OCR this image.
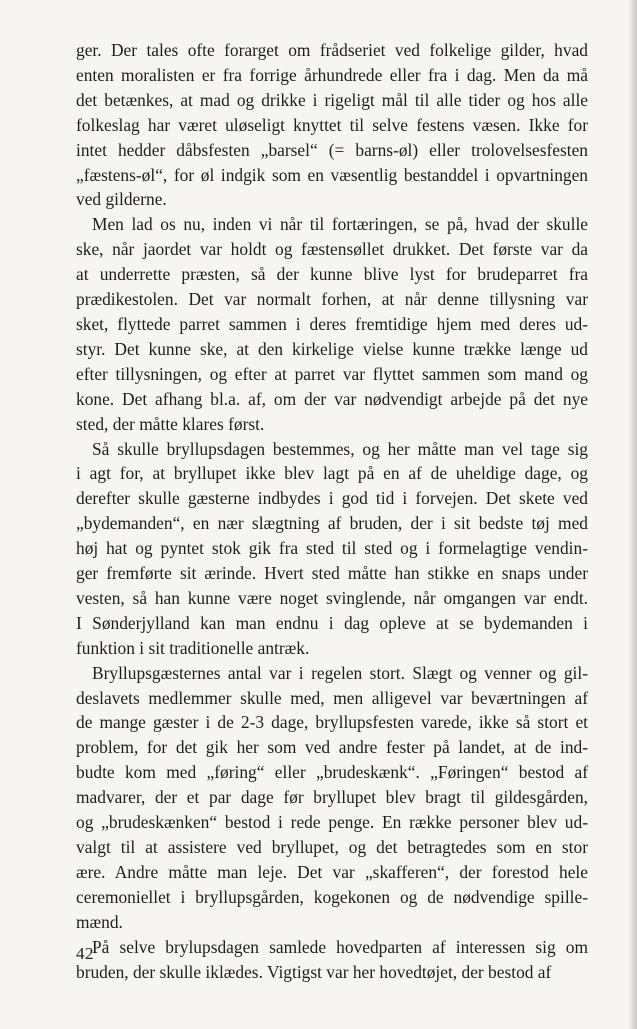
ger. Der tales ofte forarget om frådseriet ved folkelige gilder, hvad
enten moralisten er fra forrige århundrede eller fra i dag. Men da må
det betænkes, at mad og drikke i rigeligt mål til alle tider og hos alle
folkeslag har været uløseligt knyttet til selve festens væsen. Ikke for
intet hedder dåbsfesten „barsel“ (= barns-øl) eller trolovelsesfesten
„fæstens-øl“, for øl indgik som en væsentlig bestanddel i opvartningen
ved gilderne.
Men lad os nu, inden vi når til fortæringen, se på, hvad der skulle
ske, når jaordet var holdt og fæstensøllet drukket. Det første var da
at underrette præsten, så der kunne blive lyst for brudeparret fra
prædikestolen. Det var normalt forhen, at når denne tillysning var
sket, flyttede parret sammen i deres fremtidige hjem med deres ud-
styr. Det kunne ske, at den kirkelige vielse kunne trække længe ud
efter tillysningen, og efter at parret var flyttet sammen som mand og
kone. Det afhang bl.a. af, om der var nødvendigt arbejde på det nye
sted, der måtte klares først.
Så skulle bryllupsdagen bestemmes, og her måtte man vel tage sig
i agt for, at bryllupet ikke blev lagt på en af de uheldige dage, og
derefter skulle gæsterne indbydes i god tid i forvejen. Det skete ved
„bydemanden“, en nær slægtning af bruden, der i sit bedste tøj med
høj hat og pyntet stok gik fra sted til sted og i formelagtige vendin-
ger fremførte sit ærinde. Hvert sted måtte han stikke en snaps under
vesten, så han kunne være noget svinglende, når omgangen var endt.
I Sønderjylland kan man endnu i dag opleve at se bydemanden i
funktion i sit traditionelle antræk.
Bryllupsgæsternes antal var i regelen stort. Slægt og venner og gil-
deslavets medlemmer skulle med, men alligevel var beværtningen af
de mange gæster i de 2-3 dage, bryllupsfesten varede, ikke så stort et
problem, for det gik her som ved andre fester på landet, at de ind-
budte kom med „føring“ eller „brudeskænk“. „Føringen“ bestod af
madvarer, der et par dage før bryllupet blev bragt til gildesgården,
og „brudeskænken“ bestod i rede penge. En række personer blev ud-
valgt til at assistere ved bryllupet, og det betragtedes som en stor
ære. Andre måtte man leje. Det var „skafferen“, der forestod hele
ceremoniellet i bryllupsgården, kogekonen og de nødvendige spille-
mænd.
På selve brylupsdagen samlede hovedparten af interessen sig om
bruden, der skulle iklædes. Vigtigst var her hovedtøjet, der bestod af
42
